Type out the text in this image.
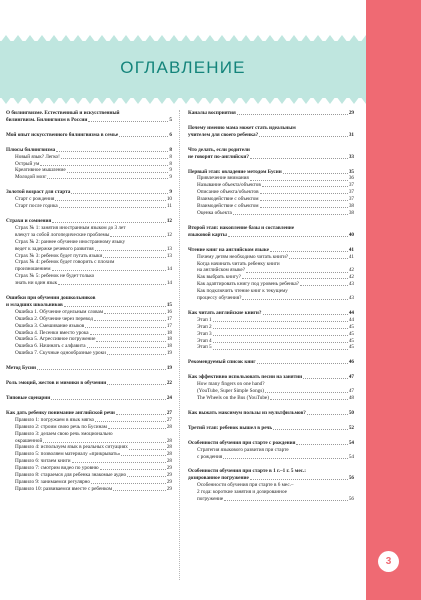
3
ОГЛАВЛЕНИЕ
О билингвизме. Естественный и искусственный
билингвизм. Билингвизм в России	5
Мой опыт искусственного билингвизма в семье	6
Плюсы билингвизма	8
Новый язык? Легко!	8
Острый ум	8
Креативное мышление	9
Молодой мозг	9
Золотой возраст для старта	9
Старт с рождения	10
Старт после годика	11
Страхи и сомнения	12
Страх № 1: занятия иностранным языком до 3 лет
влекут за собой логопедические проблемы	12
Страх № 2: раннее обучение иностранному языку
ведет к задержке речевого развития	13
Страх № 3: ребенок будет путать языки	13
Страх № 4: ребенок будет говорить с плохим
произношением	14
Страх № 5: ребенок не будет только
знать ни один язык	14
Ошибки при обучении дошкольников
и младших школьников	15
Ошибка 1. Обучение отдельным словам	16
Ошибка 2. Обучение через перевод	17
Ошибка 3. Смешивание языков	17
Ошибка 4. Песенки вместо урока	18
Ошибка 5. Агрессивное погружение	18
Ошибка 6. Начинать с алфавита	18
Ошибка 7. Скучные однообразные уроки	19
Метод Бусин	19
Роль эмоций, жестов и мимики в обучении	22
Типовые сценарии	24
Как дать ребенку понимание английской речи	27
Правило 1: погружаем в язык мягко	27
Правило 2: строим свою речь по Бусинам	28
Правило 3: делаем свою речь эмоционально
окрашенной	28
Правило 4: используем язык в реальных ситуациях	28
Правило 5: позволяем материалу «прикрывать»	28
Правило 6: читаем книги	28
Правило 7: смотрим видео по уровню	29
Правило 8: стараемся для ребенка знакомые аудио	29
Правило 9: занимаемся регулярно	29
Правило 10: развиваемся вместе с ребенком	29
Каналы восприятия	29
Почему именно мама может стать идеальным
учителем для своего ребенка?	31
Что делать, если родители
не говорят по-английски?	33
Первый этап: овладение методом Бусин	35
Привлечение внимания	36
Называние объекта/объектов	37
Описание объекта/объектов	37
Взаимодействие с объектом	37
Взаимодействие с объектом	38
Оценка объекта	38
Второй этап: накопление базы и составление
языковой карты	40
Чтение книг на английском языке	41
Почему детям необходимо читать книги?	41
Когда начинать читать ребенку книги
на английском языке?	42
Как выбрать книгу?	42
Как адаптировать книгу под уровень ребенка?	43
Как подключить чтение книг к текущему
процессу обучения?	43
Как читать английские книги?	44
Этап 1	44
Этап 2	45
Этап 3	45
Этап 4	45
Этап 5	45
Рекомендуемый список книг	46
Как эффективно использовать песни на занятии	47
How many fingers on one hand?
(YouTube, Super Simple Songs)	47
The Wheels on the Bus (YouTube)	48
Как выжать максимум пользы из мультфильмов?	50
Третий этап: ребенок вышел в речь	52
Особенности обучения при старте с рождения	54
Стратегия языкового развития при старте
с рождения	54
Особенности обучения при старте в 1 г.–1 г. 5 мес.:
дозированное погружение	56
Особенности обучения при старте в 6 мес.–
2 года: короткие занятия и дозированное
погружение	56
